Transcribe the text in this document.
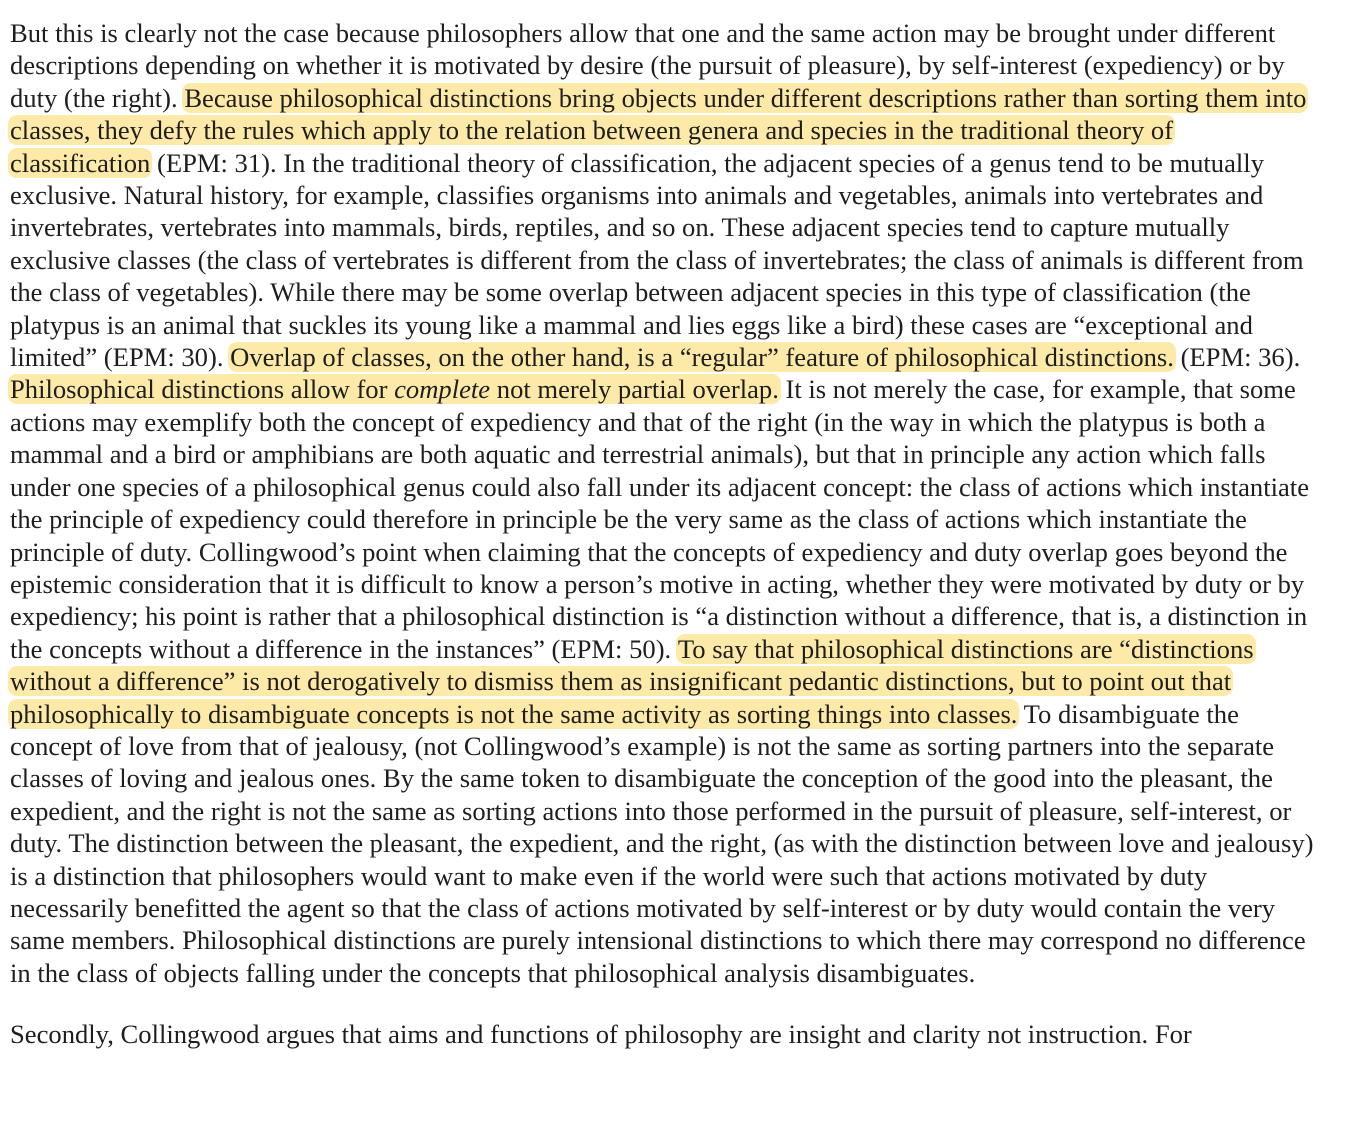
But this is clearly not the case because philosophers allow that one and the same action may be brought under different descriptions depending on whether it is motivated by desire (the pursuit of pleasure), by self-interest (expediency) or by duty (the right). Because philosophical distinctions bring objects under different descriptions rather than sorting them into classes, they defy the rules which apply to the relation between genera and species in the traditional theory of classification (EPM: 31). In the traditional theory of classification, the adjacent species of a genus tend to be mutually exclusive. Natural history, for example, classifies organisms into animals and vegetables, animals into vertebrates and invertebrates, vertebrates into mammals, birds, reptiles, and so on. These adjacent species tend to capture mutually exclusive classes (the class of vertebrates is different from the class of invertebrates; the class of animals is different from the class of vegetables). While there may be some overlap between adjacent species in this type of classification (the platypus is an animal that suckles its young like a mammal and lies eggs like a bird) these cases are “exceptional and limited” (EPM: 30). Overlap of classes, on the other hand, is a “regular” feature of philosophical distinctions. (EPM: 36). Philosophical distinctions allow for complete not merely partial overlap. It is not merely the case, for example, that some actions may exemplify both the concept of expediency and that of the right (in the way in which the platypus is both a mammal and a bird or amphibians are both aquatic and terrestrial animals), but that in principle any action which falls under one species of a philosophical genus could also fall under its adjacent concept: the class of actions which instantiate the principle of expediency could therefore in principle be the very same as the class of actions which instantiate the principle of duty. Collingwood’s point when claiming that the concepts of expediency and duty overlap goes beyond the epistemic consideration that it is difficult to know a person’s motive in acting, whether they were motivated by duty or by expediency; his point is rather that a philosophical distinction is “a distinction without a difference, that is, a distinction in the concepts without a difference in the instances” (EPM: 50). To say that philosophical distinctions are “distinctions without a difference” is not derogatively to dismiss them as insignificant pedantic distinctions, but to point out that philosophically to disambiguate concepts is not the same activity as sorting things into classes. To disambiguate the concept of love from that of jealousy, (not Collingwood’s example) is not the same as sorting partners into the separate classes of loving and jealous ones. By the same token to disambiguate the conception of the good into the pleasant, the expedient, and the right is not the same as sorting actions into those performed in the pursuit of pleasure, self-interest, or duty. The distinction between the pleasant, the expedient, and the right, (as with the distinction between love and jealousy) is a distinction that philosophers would want to make even if the world were such that actions motivated by duty necessarily benefitted the agent so that the class of actions motivated by self-interest or by duty would contain the very same members. Philosophical distinctions are purely intensional distinctions to which there may correspond no difference in the class of objects falling under the concepts that philosophical analysis disambiguates.

Secondly, Collingwood argues that aims and functions of philosophy are insight and clarity not instruction. For
